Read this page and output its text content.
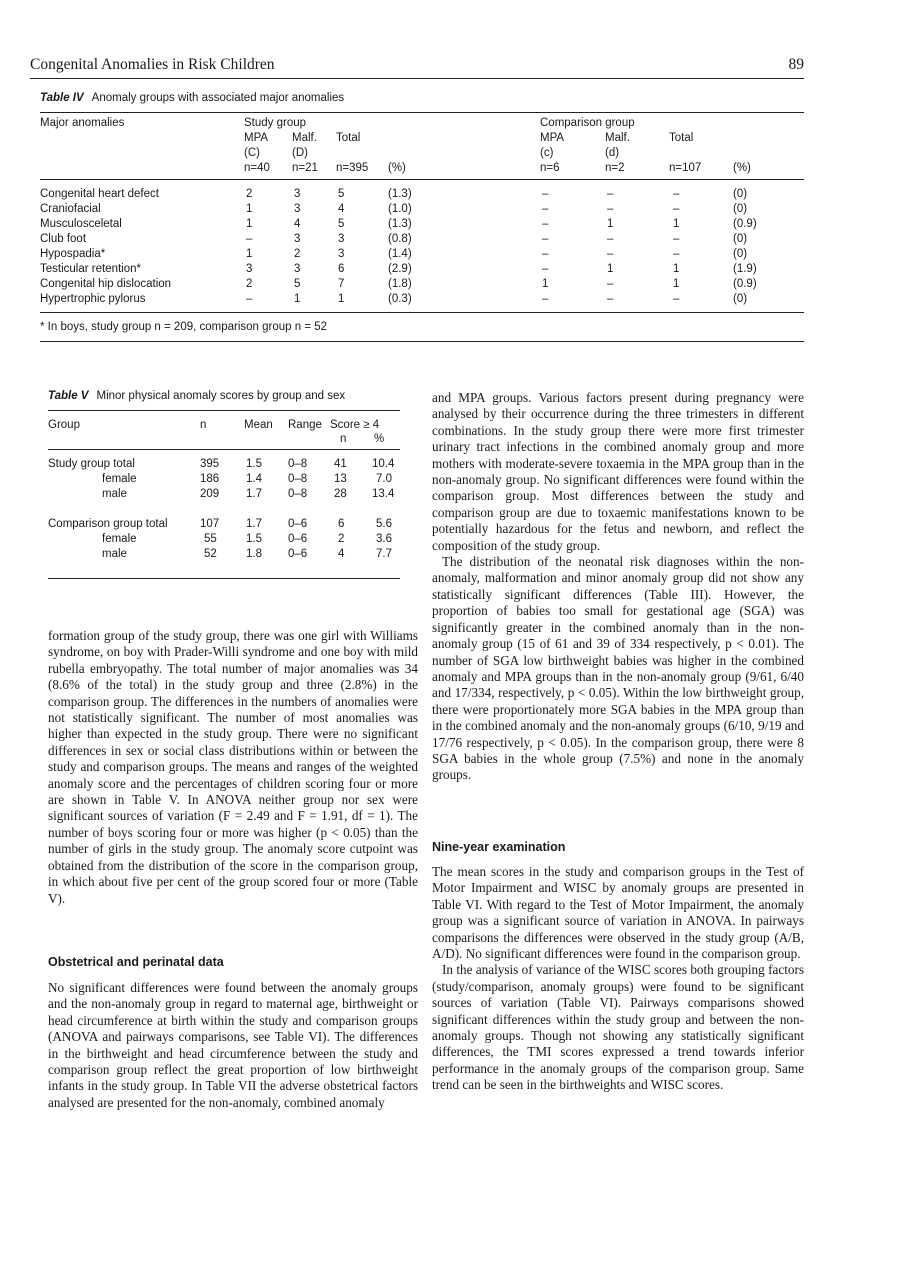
Congenital Anomalies in Risk Children	89
Table IV Anomaly groups with associated major anomalies
Major anomalies	Study group	Comparison group
MPA Malf. Total	MPA	Malf.	Total
(C)	(D)	(c)	(d)
n=40 n=21 n=395 (%)	n=6	n=2	n=107	(%)
Congenital heart defect	2	3	5	(1.3)	–	–	–	(0)
Craniofacial	1	3	4	(1.0)	–	–	–	(0)
Musculosceletal	1	4	5	(1.3)	–	1	1	(0.9)
Club foot	–	3	3	(0.8)	–	–	–	(0)
Hypospadia*	1	2	3	(1.4)	–	–	–	(0)
Testicular retention*	3	3	6	(2.9)	–	1	1	(1.9)
Congenital hip dislocation	2	5	7	(1.8)	1	–	1	(0.9)
Hypertrophic pylorus	–	1	1	(0.3)	–	–	–	(0)
* In boys, study group n = 209, comparison group n = 52
Table V Minor physical anomaly scores by group and sex
Group	n	Mean Range Score ≥ 4
n %
Study group total	395 1.5 0–8 41 10.4
female	186 1.4 0–8 13	7.0
male	209 1.7 0–8 28 13.4
Comparison group total	107 1.7 0–6	6	5.6
female	55	1.5 0–6	2	3.6
male	52	1.8 0–6	4	7.7

formation group of the study group, there was one girl with Williams syndrome, on boy with Prader-Willi syndrome and one boy with mild rubella embryopathy. The total number of major anomalies was 34 (8.6% of the total) in the study group and three (2.8%) in the comparison group. The differences in the numbers of anomalies were not statistically significant. The number of most anomalies was higher than expected in the study group. There were no significant differences in sex or social class distributions within or between the study and comparison groups. The means and ranges of the weighted anomaly score and the percentages of children scoring four or more are shown in Table V. In ANOVA neither group nor sex were significant sources of variation (F = 2.49 and F = 1.91, df = 1). The number of boys scoring four or more was higher (p < 0.05) than the number of girls in the study group. The anomaly score cutpoint was obtained from the distribution of the score in the comparison group, in which about five per cent of the group scored four or more (Table V).

Obstetrical and perinatal data

No significant differences were found between the anomaly groups and the non-anomaly group in regard to maternal age, birthweight or head circumference at birth within the study and comparison groups (ANOVA and pairways comparisons, see Table VI). The differences in the birthweight and head circumference between the study and comparison group reflect the great proportion of low birthweight infants in the study group. In Table VII the adverse obstetrical factors analysed are presented for the non-anomaly, combined anomaly

and MPA groups. Various factors present during pregnancy were analysed by their occurrence during the three trimesters in different combinations. In the study group there were more first trimester urinary tract infections in the combined anomaly group and more mothers with moderate-severe toxaemia in the MPA group than in the non-anomaly group. No significant differences were found within the comparison group. Most differences between the study and comparison group are due to toxaemic manifestations known to be potentially hazardous for the fetus and newborn, and reflect the composition of the study group.

The distribution of the neonatal risk diagnoses within the non-anomaly, malformation and minor anomaly group did not show any statistically significant differences (Table III). However, the proportion of babies too small for gestational age (SGA) was significantly greater in the combined anomaly than in the non-anomaly group (15 of 61 and 39 of 334 respectively, p < 0.01). The number of SGA low birthweight babies was higher in the combined anomaly and MPA groups than in the non-anomaly group (9/61, 6/40 and 17/334, respectively, p < 0.05). Within the low birthweight group, there were proportionately more SGA babies in the MPA group than in the combined anomaly and the non-anomaly groups (6/10, 9/19 and 17/76 respectively, p < 0.05). In the comparison group, there were 8 SGA babies in the whole group (7.5%) and none in the anomaly groups.

Nine-year examination

The mean scores in the study and comparison groups in the Test of Motor Impairment and WISC by anomaly groups are presented in Table VI. With regard to the Test of Motor Impairment, the anomaly group was a significant source of variation in ANOVA. In pairways comparisons the differences were observed in the study group (A/B, A/D). No significant differences were found in the comparison group.

In the analysis of variance of the WISC scores both grouping factors (study/comparison, anomaly groups) were found to be significant sources of variation (Table VI). Pairways comparisons showed significant differences within the study group and between the non-anomaly groups. Though not showing any statistically significant differences, the TMI scores expressed a trend towards inferior performance in the anomaly groups of the comparison group. Same trend can be seen in the birthweights and WISC scores.
